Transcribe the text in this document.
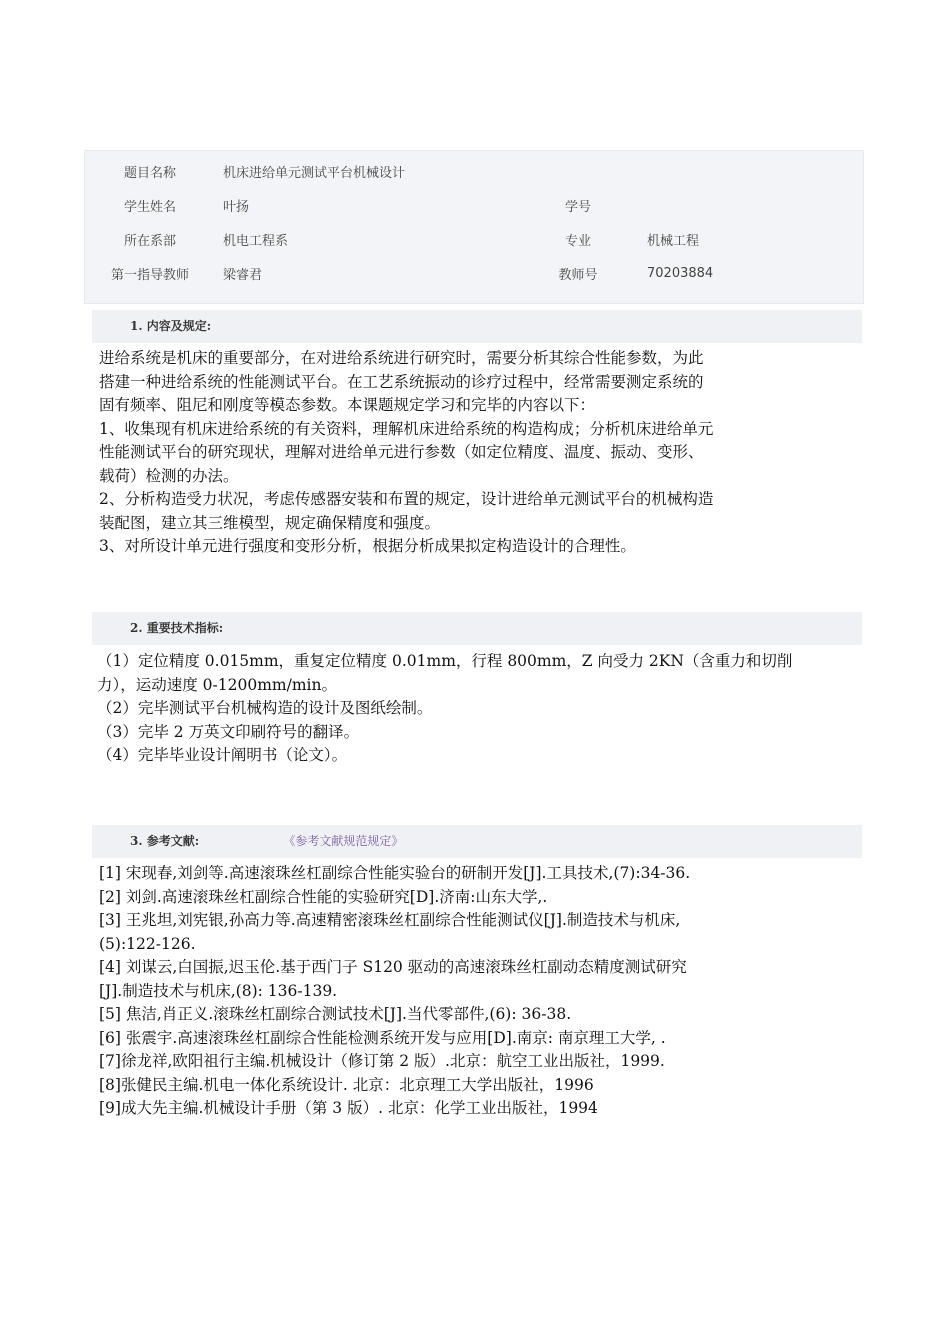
题目名称	机床进给单元测试平台机械设计		
学生姓名	叶扬	学号	
所在系部	机电工程系	专业	机械工程
第一指导教师	梁睿君	教师号	70203884
1. 内容及规定:

进给系统是机床的重要部分，在对进给系统进行研究时，需要分析其综合性能参数，为此

搭建一种进给系统的性能测试平台。在工艺系统振动的诊疗过程中，经常需要测定系统的

固有频率、阻尼和刚度等模态参数。本课题规定学习和完毕的内容以下：

1、收集现有机床进给系统的有关资料，理解机床进给系统的构造构成；分析机床进给单元

性能测试平台的研究现状，理解对进给单元进行参数（如定位精度、温度、振动、变形、

载荷）检测的办法。

2、分析构造受力状况，考虑传感器安装和布置的规定，设计进给单元测试平台的机械构造

装配图，建立其三维模型，规定确保精度和强度。

3、对所设计单元进行强度和变形分析，根据分析成果拟定构造设计的合理性。

2. 重要技术指标:

（1）定位精度 0.015mm，重复定位精度 0.01mm，行程 800mm，Z 向受力 2KN（含重力和切削

力），运动速度 0-1200mm/min。

（2）完毕测试平台机械构造的设计及图纸绘制。

（3）完毕 2 万英文印刷符号的翻译。

（4）完毕毕业设计阐明书（论文）。

3. 参考文献:	《参考文献规范规定》

[1] 宋现春,刘剑等.高速滚珠丝杠副综合性能实验台的研制开发[J].工具技术,(7):34-36.

[2] 刘剑.高速滚珠丝杠副综合性能的实验研究[D].济南:山东大学,.

[3] 王兆坦,刘宪银,孙高力等.高速精密滚珠丝杠副综合性能测试仪[J].制造技术与机床,

(5):122-126.

[4] 刘谋云,白国振,迟玉伦.基于西门子 S120 驱动的高速滚珠丝杠副动态精度测试研究

[J].制造技术与机床,(8): 136-139.

[5] 焦洁,肖正义.滚珠丝杠副综合测试技术[J].当代零部件,(6): 36-38.

[6] 张震宇.高速滚珠丝杠副综合性能检测系统开发与应用[D].南京: 南京理工大学, .

[7]徐龙祥,欧阳祖行主编.机械设计（修订第 2 版）.北京：航空工业出版社，1999.

[8]张健民主编.机电一体化系统设计. 北京：北京理工大学出版社，1996

[9]成大先主编.机械设计手册（第 3 版）. 北京：化学工业出版社，1994
